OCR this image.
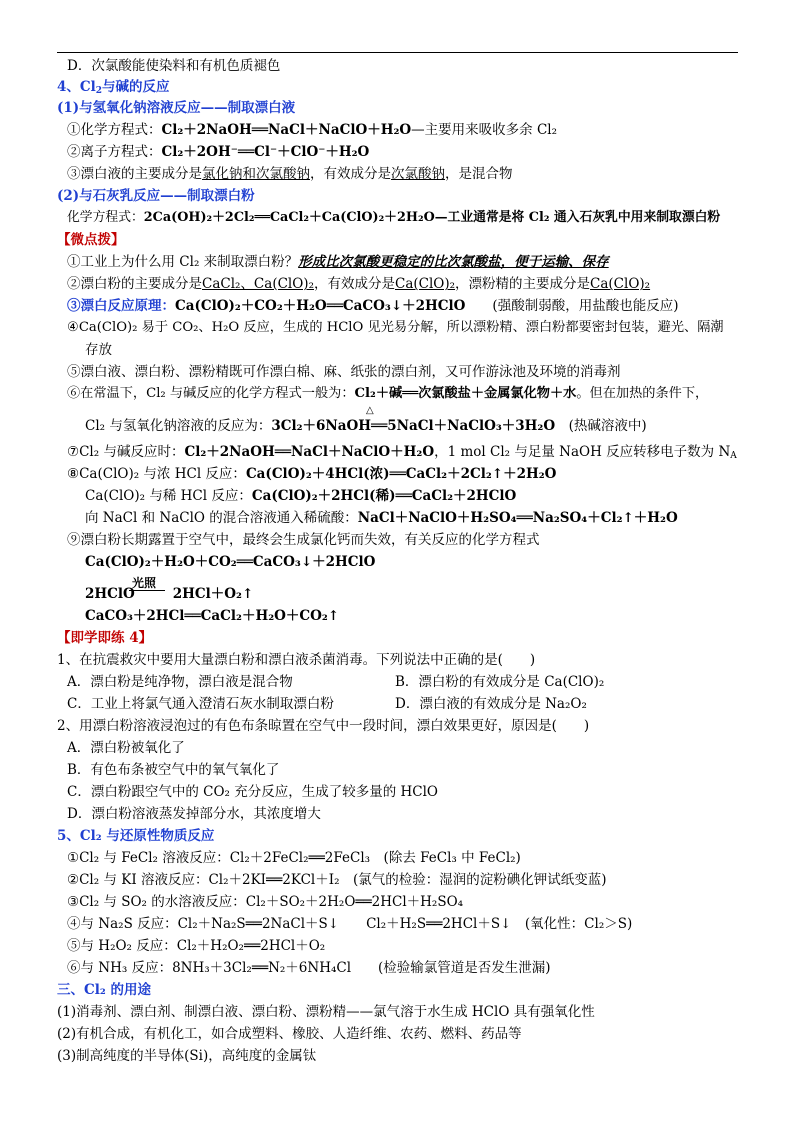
D．次氯酸能使染料和有机色质褪色
4、$Cl_2$与碱的反应
(1)与氢氧化钠溶液反应——制取漂白液
①化学方程式：Cl₂＋2NaOH══NaCl＋NaClO＋H₂O—主要用来吸收多余 Cl₂
②离子方程式：Cl₂＋2OH⁻══Cl⁻＋ClO⁻＋H₂O
③漂白液的主要成分是氯化钠和次氯酸钠，有效成分是次氯酸钠，是混合物
(2)与石灰乳反应——制取漂白粉
化学方程式：2Ca(OH)₂＋2Cl₂══CaCl₂＋Ca(ClO)₂＋2H₂O—工业通常是将 Cl₂ 通入石灰乳中用来制取漂白粉
【微点拨】
①工业上为什么用 Cl₂ 来制取漂白粉？形成比次氯酸更稳定的比次氯酸盐，便于运输、保存
②漂白粉的主要成分是CaCl₂、Ca(ClO)₂，有效成分是Ca(ClO)₂，漂粉精的主要成分是Ca(ClO)₂
③漂白反应原理：Ca(ClO)₂＋CO₂＋H₂O══CaCO₃↓＋2HClO　　 (强酸制弱酸，用盐酸也能反应)
④Ca(ClO)₂ 易于 CO₂、H₂O 反应，生成的 HClO 见光易分解，所以漂粉精、漂白粉都要密封包装，避光、隔潮
存放
⑤漂白液、漂白粉、漂粉精既可作漂白棉、麻、纸张的漂白剂，又可作游泳池及环境的消毒剂
⑥在常温下，Cl₂ 与碱反应的化学方程式一般为：Cl₂＋碱══次氯酸盐＋金属氯化物＋水。但在加热的条件下，
△
Cl₂ 与氢氧化钠溶液的反应为：3Cl₂＋6NaOH══5NaCl＋NaClO₃＋3H₂O　 (热碱溶液中)
⑦Cl₂ 与碱反应时：Cl₂＋2NaOH══NaCl＋NaClO＋H₂O，1 mol Cl₂ 与足量 NaOH 反应转移电子数为 $N_A$
⑧Ca(ClO)₂ 与浓 HCl 反应：Ca(ClO)₂＋4HCl(浓)══CaCl₂＋2Cl₂↑＋2H₂O
Ca(ClO)₂ 与稀 HCl 反应：Ca(ClO)₂＋2HCl(稀)══CaCl₂＋2HClO
向 NaCl 和 NaClO 的混合溶液通入稀硫酸：NaCl＋NaClO＋H₂SO₄══Na₂SO₄＋Cl₂↑＋H₂O
⑨漂白粉长期露置于空气中，最终会生成氯化钙而失效，有关反应的化学方程式
Ca(ClO)₂＋H₂O＋CO₂══CaCO₃↓＋2HClO
光照
2HClO	2HCl＋O₂↑
CaCO₃＋2HCl══CaCl₂＋H₂O＋CO₂↑
【即学即练 4】
1、在抗震救灾中要用大量漂白粉和漂白液杀菌消毒。下列说法中正确的是(　　)
A．漂白粉是纯净物，漂白液是混合物	B．漂白粉的有效成分是 Ca(ClO)₂
C．工业上将氯气通入澄清石灰水制取漂白粉	D．漂白液的有效成分是 Na₂O₂
2、用漂白粉溶液浸泡过的有色布条晾置在空气中一段时间，漂白效果更好，原因是(　　)
A．漂白粉被氧化了
B．有色布条被空气中的氧气氧化了
C．漂白粉跟空气中的 CO₂ 充分反应，生成了较多量的 HClO
D．漂白粉溶液蒸发掉部分水，其浓度增大
5、Cl₂ 与还原性物质反应
①Cl₂ 与 FeCl₂ 溶液反应：Cl₂＋2FeCl₂══2FeCl₃　(除去 FeCl₃ 中 FeCl₂)
②Cl₂ 与 KI 溶液反应：Cl₂＋2KI══2KCl＋I₂　(氯气的检验：湿润的淀粉碘化钾试纸变蓝)
③Cl₂ 与 SO₂ 的水溶液反应：Cl₂＋SO₂＋2H₂O══2HCl＋H₂SO₄
④与 Na₂S 反应：Cl₂＋Na₂S══2NaCl＋S↓　　Cl₂＋H₂S══2HCl＋S↓　(氧化性：Cl₂＞S)
⑤与 H₂O₂ 反应：Cl₂＋H₂O₂══2HCl＋O₂
⑥与 NH₃ 反应：8NH₃＋3Cl₂══N₂＋6NH₄Cl　　(检验输氯管道是否发生泄漏)
三、Cl₂ 的用途
(1)消毒剂、漂白剂、制漂白液、漂白粉、漂粉精——氯气溶于水生成 HClO 具有强氧化性
(2)有机合成，有机化工，如合成塑料、橡胶、人造纤维、农药、燃料、药品等
(3)制高纯度的半导体(Si)，高纯度的金属钛
